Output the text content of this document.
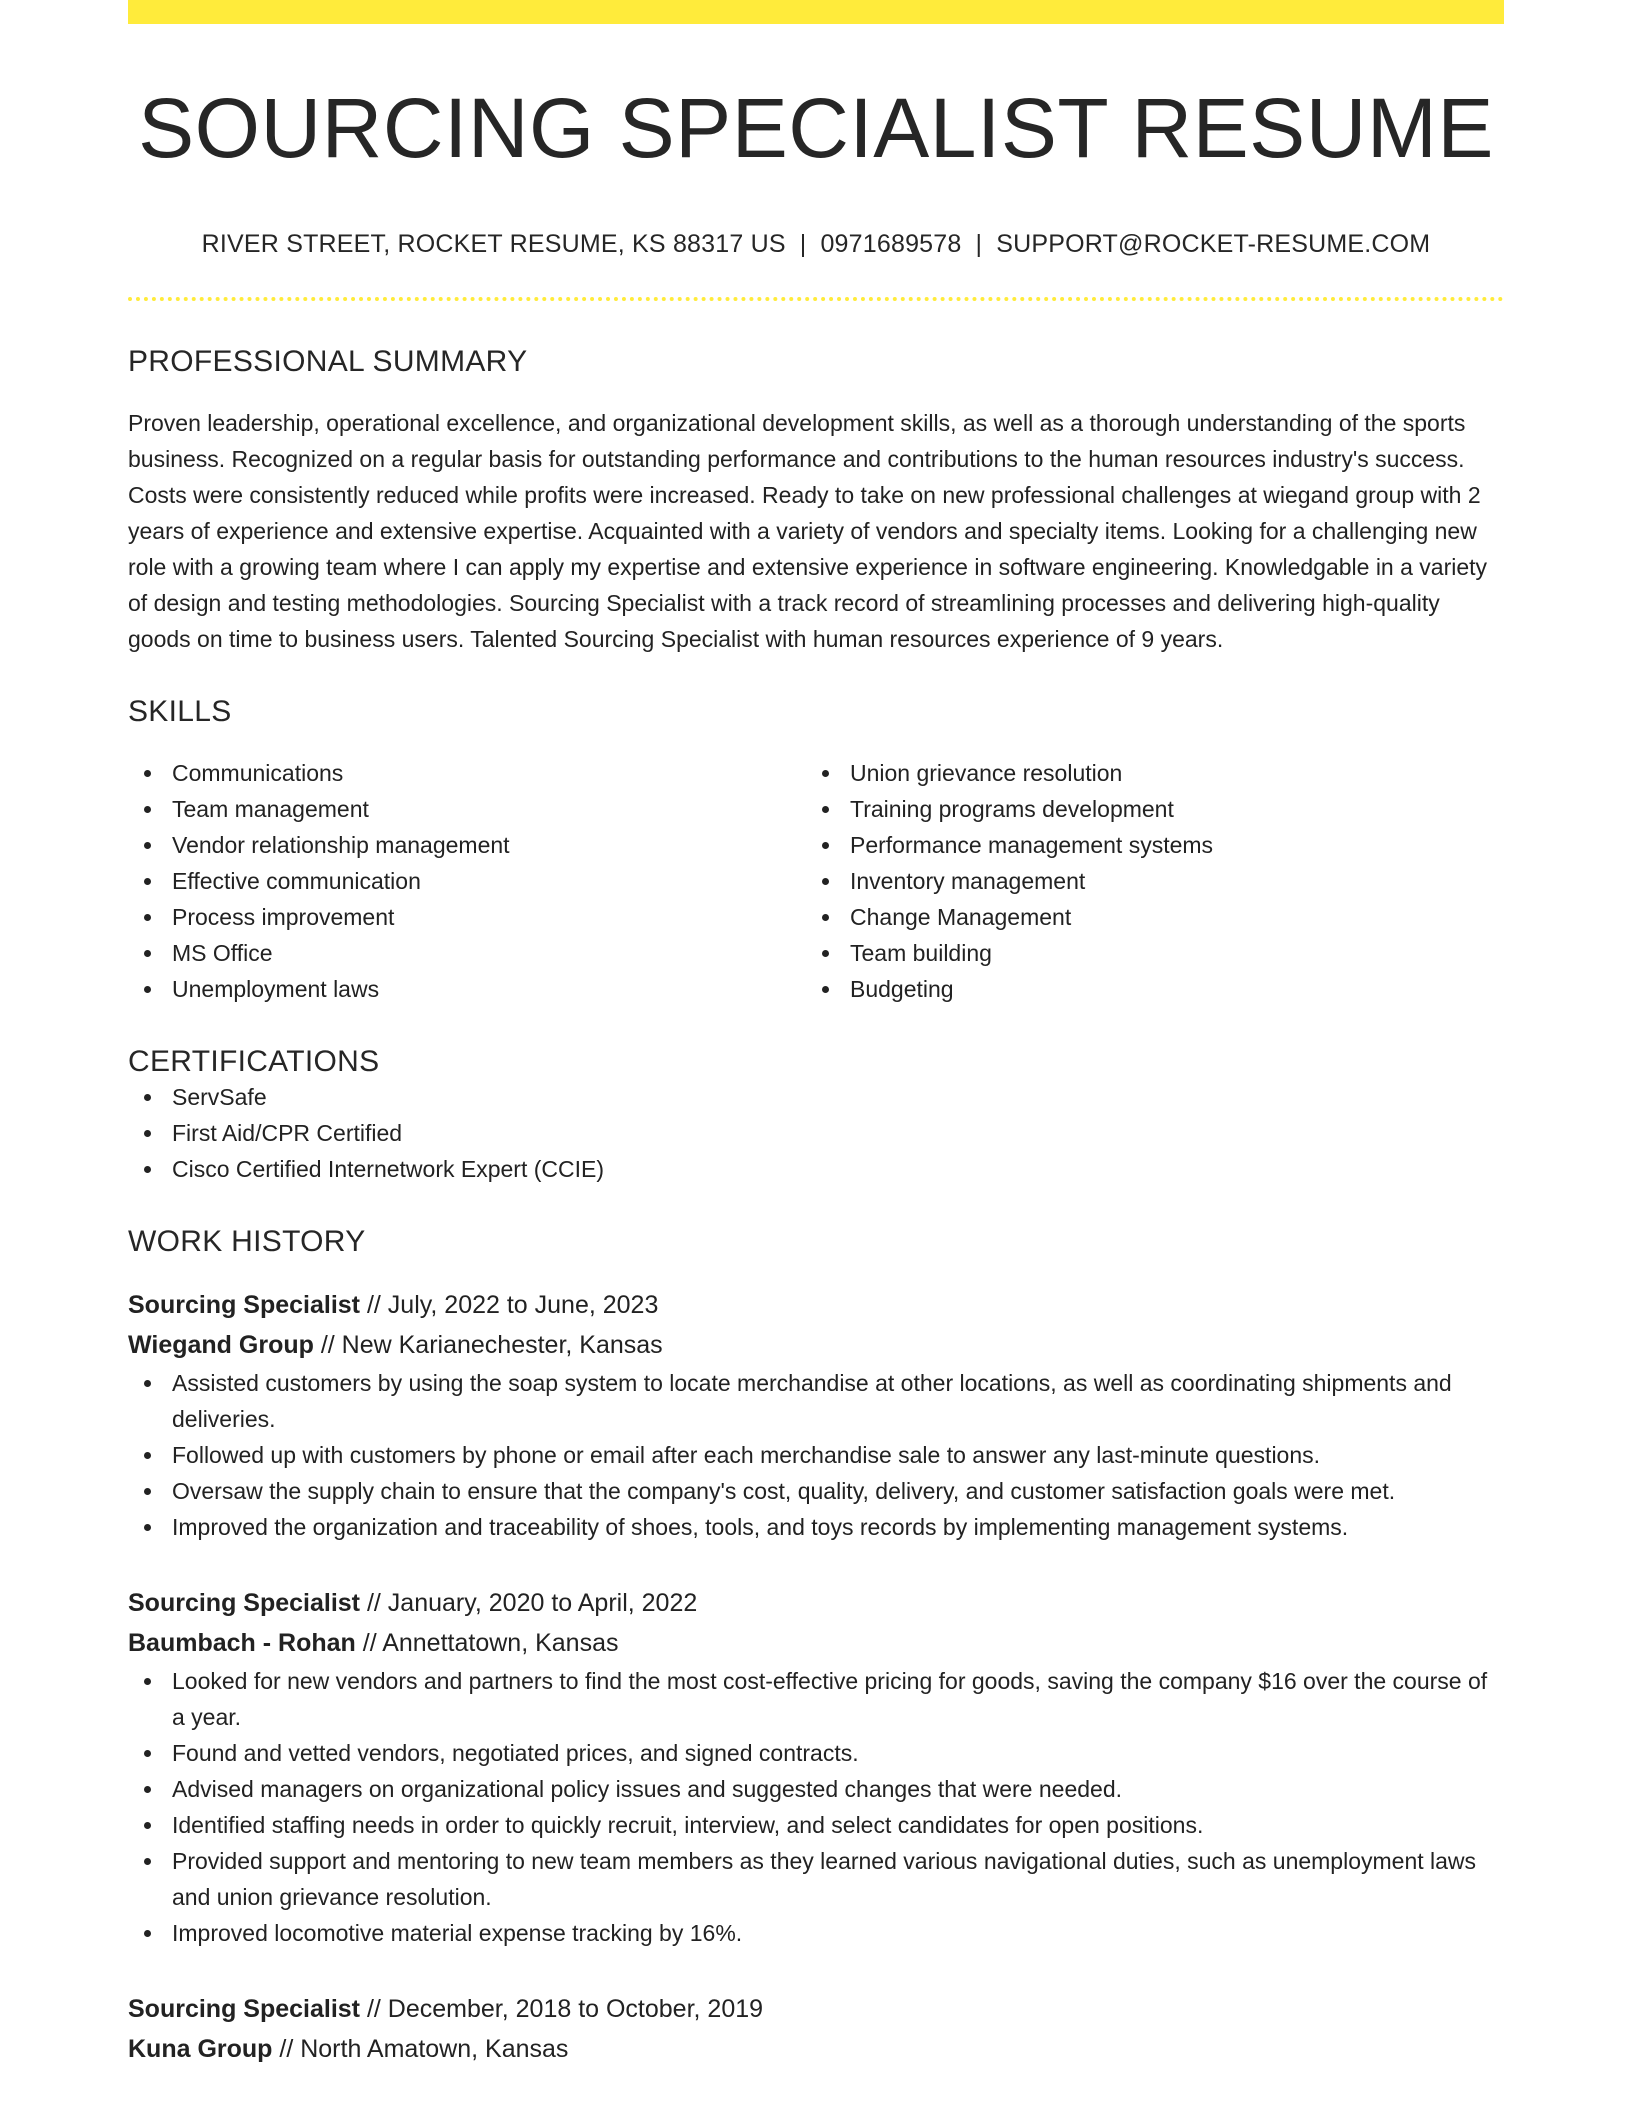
SOURCING SPECIALIST RESUME
RIVER STREET, ROCKET RESUME, KS 88317 US | 0971689578 | SUPPORT@ROCKET-RESUME.COM
PROFESSIONAL SUMMARY
Proven leadership, operational excellence, and organizational development skills, as well as a thorough understanding of the sports business. Recognized on a regular basis for outstanding performance and contributions to the human resources industry's success. Costs were consistently reduced while profits were increased. Ready to take on new professional challenges at wiegand group with 2 years of experience and extensive expertise. Acquainted with a variety of vendors and specialty items. Looking for a challenging new role with a growing team where I can apply my expertise and extensive experience in software engineering. Knowledgable in a variety of design and testing methodologies. Sourcing Specialist with a track record of streamlining processes and delivering high-quality goods on time to business users. Talented Sourcing Specialist with human resources experience of 9 years.
SKILLS
Communications
Team management
Vendor relationship management
Effective communication
Process improvement
MS Office
Unemployment laws
Union grievance resolution
Training programs development
Performance management systems
Inventory management
Change Management
Team building
Budgeting
CERTIFICATIONS
ServSafe
First Aid/CPR Certified
Cisco Certified Internetwork Expert (CCIE)
WORK HISTORY
Sourcing Specialist // July, 2022 to June, 2023
Wiegand Group // New Karianechester, Kansas
Assisted customers by using the soap system to locate merchandise at other locations, as well as coordinating shipments and deliveries.
Followed up with customers by phone or email after each merchandise sale to answer any last-minute questions.
Oversaw the supply chain to ensure that the company's cost, quality, delivery, and customer satisfaction goals were met.
Improved the organization and traceability of shoes, tools, and toys records by implementing management systems.
Sourcing Specialist // January, 2020 to April, 2022
Baumbach - Rohan // Annettatown, Kansas
Looked for new vendors and partners to find the most cost-effective pricing for goods, saving the company $16 over the course of a year.
Found and vetted vendors, negotiated prices, and signed contracts.
Advised managers on organizational policy issues and suggested changes that were needed.
Identified staffing needs in order to quickly recruit, interview, and select candidates for open positions.
Provided support and mentoring to new team members as they learned various navigational duties, such as unemployment laws and union grievance resolution.
Improved locomotive material expense tracking by 16%.
Sourcing Specialist // December, 2018 to October, 2019
Kuna Group // North Amatown, Kansas
